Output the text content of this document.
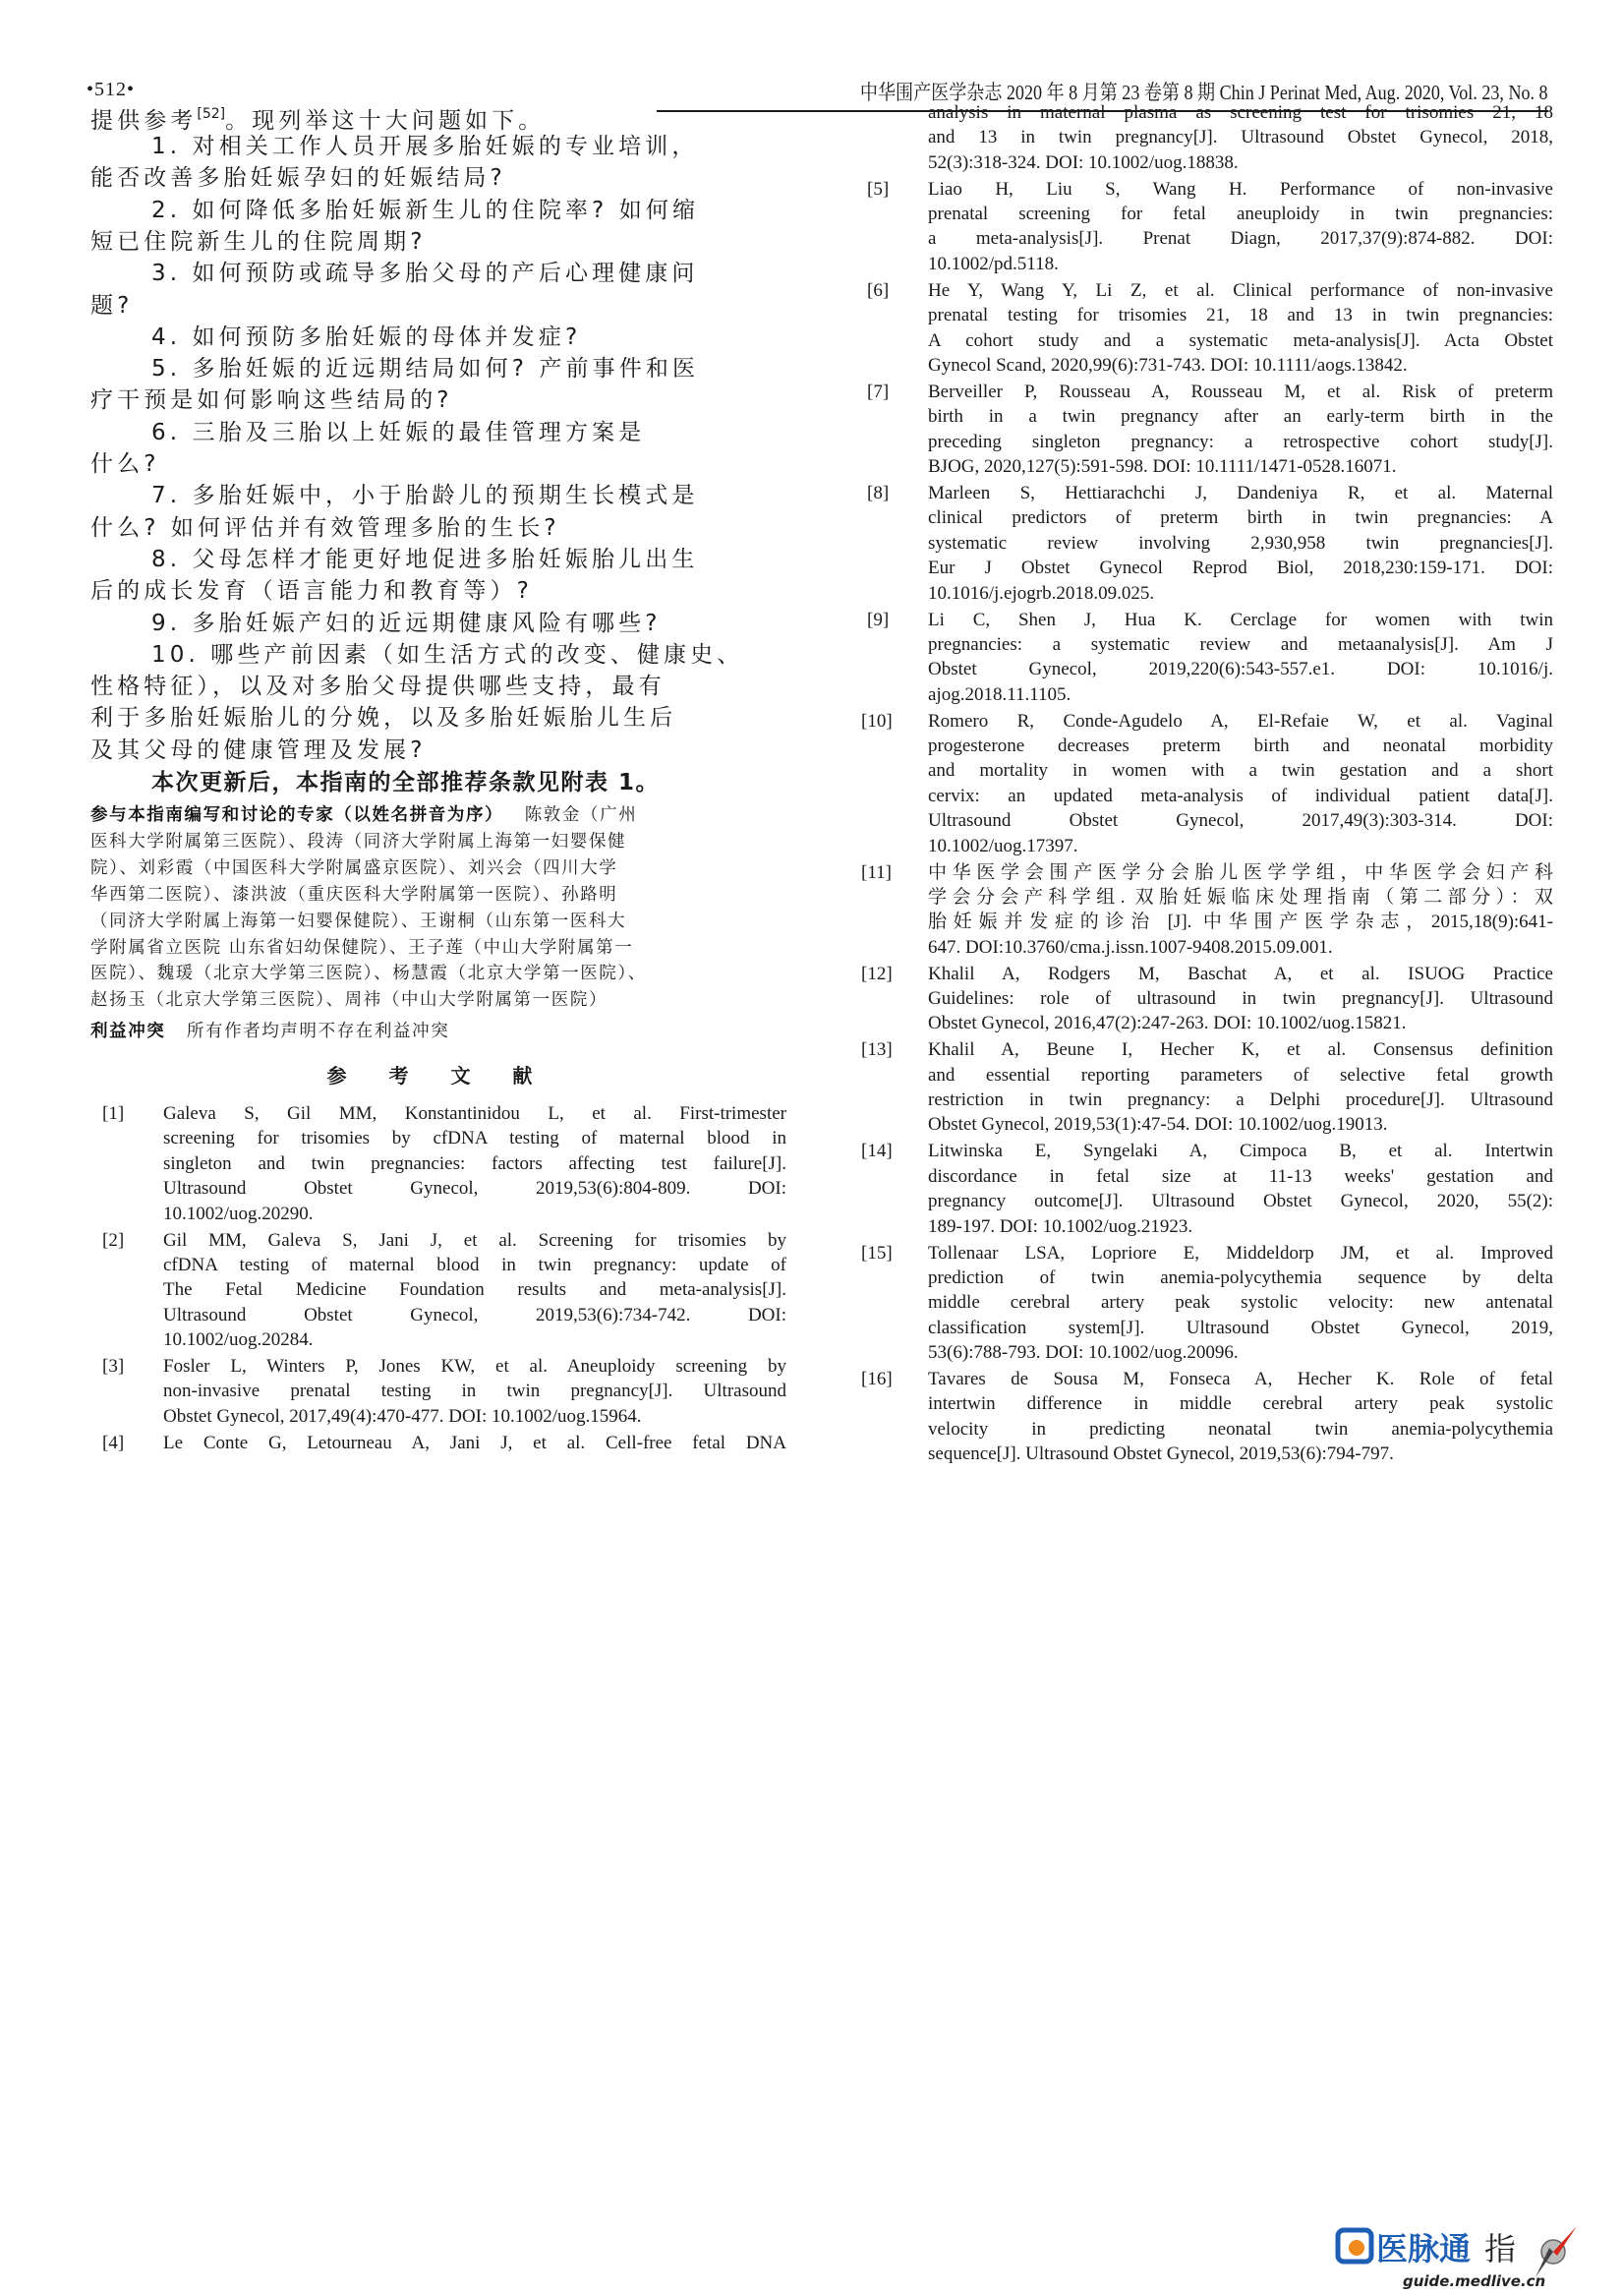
•512•	中华围产医学杂志 2020 年 8 月第 23 卷第 8 期 Chin J Perinat Med, Aug. 2020, Vol. 23, No. 8
提供参考[52]。现列举这十大问题如下。
1. 对相关工作人员开展多胎妊娠的专业培训，
能否改善多胎妊娠孕妇的妊娠结局?
2. 如何降低多胎妊娠新生儿的住院率? 如何缩
短已住院新生儿的住院周期?
3. 如何预防或疏导多胎父母的产后心理健康问
题?
4. 如何预防多胎妊娠的母体并发症?
5. 多胎妊娠的近远期结局如何? 产前事件和医
疗干预是如何影响这些结局的?
6. 三胎及三胎以上妊娠的最佳管理方案是
什么?
7. 多胎妊娠中，小于胎龄儿的预期生长模式是
什么? 如何评估并有效管理多胎的生长?
8. 父母怎样才能更好地促进多胎妊娠胎儿出生
后的成长发育（语言能力和教育等）?
9. 多胎妊娠产妇的近远期健康风险有哪些?
10. 哪些产前因素（如生活方式的改变、健康史、
性格特征），以及对多胎父母提供哪些支持，最有
利于多胎妊娠胎儿的分娩，以及多胎妊娠胎儿生后
及其父母的健康管理及发展?
本次更新后，本指南的全部推荐条款见附表 1。
参与本指南编写和讨论的专家（以姓名拼音为序） 陈敦金（广州
医科大学附属第三医院）、段涛（同济大学附属上海第一妇婴保健
院）、刘彩霞（中国医科大学附属盛京医院）、刘兴会（四川大学
华西第二医院）、漆洪波（重庆医科大学附属第一医院）、孙路明
（同济大学附属上海第一妇婴保健院）、王谢桐（山东第一医科大
学附属省立医院 山东省妇幼保健院）、王子莲（中山大学附属第一
医院）、魏瑗（北京大学第三医院）、杨慧霞（北京大学第一医院）、
赵扬玉（北京大学第三医院）、周祎（中山大学附属第一医院）
利益冲突 所有作者均声明不存在利益冲突
参 考 文 献
[1]	Galeva S, Gil MM, Konstantinidou L, et al. First-trimester
screening for trisomies by cfDNA testing of maternal blood in
singleton and twin pregnancies: factors affecting test failure[J].
Ultrasound Obstet Gynecol, 2019,53(6):804-809. DOI:
10.1002/uog.20290.
[2]	Gil MM, Galeva S, Jani J, et al. Screening for trisomies by
cfDNA testing of maternal blood in twin pregnancy: update of
The Fetal Medicine Foundation results and meta-analysis[J].
Ultrasound Obstet Gynecol, 2019,53(6):734-742. DOI:
10.1002/uog.20284.
[3]	Fosler L, Winters P, Jones KW, et al. Aneuploidy screening by
non-invasive prenatal testing in twin pregnancy[J]. Ultrasound
Obstet Gynecol, 2017,49(4):470-477. DOI: 10.1002/uog.15964.
[4]	Le Conte G, Letourneau A, Jani J, et al. Cell-free fetal DNA
analysis in maternal plasma as screening test for trisomies 21, 18
and 13 in twin pregnancy[J]. Ultrasound Obstet Gynecol, 2018,
52(3):318-324. DOI: 10.1002/uog.18838.
[5]	Liao H, Liu S, Wang H. Performance of non-invasive
prenatal screening for fetal aneuploidy in twin pregnancies:
a meta-analysis[J]. Prenat Diagn, 2017,37(9):874-882. DOI:
10.1002/pd.5118.
[6]	He Y, Wang Y, Li Z, et al. Clinical performance of non-invasive
prenatal testing for trisomies 21, 18 and 13 in twin pregnancies:
A cohort study and a systematic meta-analysis[J]. Acta Obstet
Gynecol Scand, 2020,99(6):731-743. DOI: 10.1111/aogs.13842.
[7]	Berveiller P, Rousseau A, Rousseau M, et al. Risk of preterm
birth in a twin pregnancy after an early-term birth in the
preceding singleton pregnancy: a retrospective cohort study[J].
BJOG, 2020,127(5):591-598. DOI: 10.1111/1471-0528.16071.
[8]	Marleen S, Hettiarachchi J, Dandeniya R, et al. Maternal
clinical predictors of preterm birth in twin pregnancies: A
systematic review involving 2,930,958 twin pregnancies[J].
Eur J Obstet Gynecol Reprod Biol, 2018,230:159-171. DOI:
10.1016/j.ejogrb.2018.09.025.
[9]	Li C, Shen J, Hua K. Cerclage for women with twin
pregnancies: a systematic review and metaanalysis[J]. Am J
Obstet Gynecol, 2019,220(6):543-557.e1. DOI: 10.1016/j.
ajog.2018.11.1105.
[10]	Romero R, Conde-Agudelo A, El-Refaie W, et al. Vaginal
progesterone decreases preterm birth and neonatal morbidity
and mortality in women with a twin gestation and a short
cervix: an updated meta-analysis of individual patient data[J].
Ultrasound Obstet Gynecol, 2017,49(3):303-314. DOI:
10.1002/uog.17397.
[11]	中华医学会围产医学分会胎儿医学学组，中华医学会妇产科
学会分会产科学组. 双胎妊娠临床处理指南（第二部分）：双
胎妊娠并发症的诊治 [J]. 中华围产医学杂志，2015,18(9):641-
647. DOI:10.3760/cma.j.issn.1007-9408.2015.09.001.
[12]	Khalil A, Rodgers M, Baschat A, et al. ISUOG Practice
Guidelines: role of ultrasound in twin pregnancy[J]. Ultrasound
Obstet Gynecol, 2016,47(2):247-263. DOI: 10.1002/uog.15821.
[13]	Khalil A, Beune I, Hecher K, et al. Consensus definition
and essential reporting parameters of selective fetal growth
restriction in twin pregnancy: a Delphi procedure[J]. Ultrasound
Obstet Gynecol, 2019,53(1):47-54. DOI: 10.1002/uog.19013.
[14]	Litwinska E, Syngelaki A, Cimpoca B, et al. Intertwin
discordance in fetal size at 11-13 weeks' gestation and
pregnancy outcome[J]. Ultrasound Obstet Gynecol, 2020, 55(2):
189-197. DOI: 10.1002/uog.21923.
[15]	Tollenaar LSA, Lopriore E, Middeldorp JM, et al. Improved
prediction of twin anemia-polycythemia sequence by delta
middle cerebral artery peak systolic velocity: new antenatal
classification system[J]. Ultrasound Obstet Gynecol, 2019,
53(6):788-793. DOI: 10.1002/uog.20096.
[16]	Tavares de Sousa M, Fonseca A, Hecher K. Role of fetal
intertwin difference in middle cerebral artery peak systolic
velocity in predicting neonatal twin anemia-polycythemia
sequence[J]. Ultrasound Obstet Gynecol, 2019,53(6):794-797.
医脉通 指
guide.medlive.cn
